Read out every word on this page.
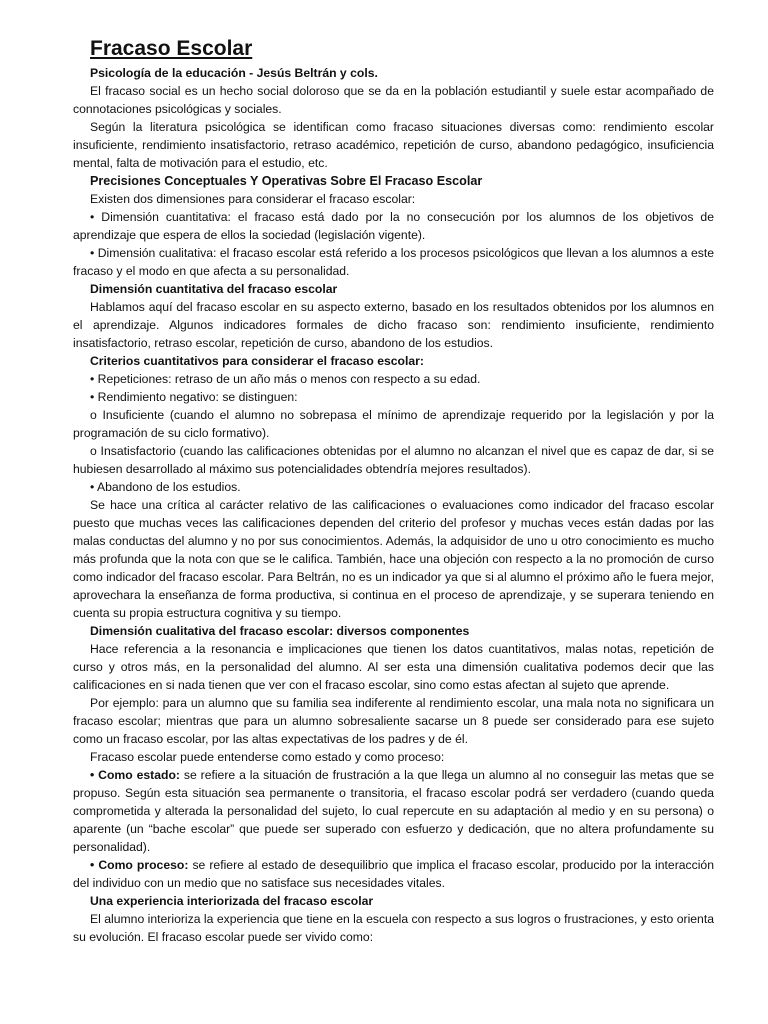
Fracaso Escolar
Psicología de la educación - Jesús Beltrán y cols.

El fracaso social es un hecho social doloroso que se da en la población estudiantil y suele estar acompañado de connotaciones psicológicas y sociales.

Según la literatura psicológica se identifican como fracaso situaciones diversas como: rendimiento escolar insuficiente, rendimiento insatisfactorio, retraso académico, repetición de curso, abandono pedagógico, insuficiencia mental, falta de motivación para el estudio, etc.

Precisiones Conceptuales Y Operativas Sobre El Fracaso Escolar

Existen dos dimensiones para considerar el fracaso escolar:

• Dimensión cuantitativa: el fracaso está dado por la no consecución por los alumnos de los objetivos de aprendizaje que espera de ellos la sociedad (legislación vigente).

• Dimensión cualitativa: el fracaso escolar está referido a los procesos psicológicos que llevan a los alumnos a este fracaso y el modo en que afecta a su personalidad.

Dimensión cuantitativa del fracaso escolar

Hablamos aquí del fracaso escolar en su aspecto externo, basado en los resultados obtenidos por los alumnos en el aprendizaje. Algunos indicadores formales de dicho fracaso son: rendimiento insuficiente, rendimiento insatisfactorio, retraso escolar, repetición de curso, abandono de los estudios.

Criterios cuantitativos para considerar el fracaso escolar:

• Repeticiones: retraso de un año más o menos con respecto a su edad.

• Rendimiento negativo: se distinguen:

o Insuficiente (cuando el alumno no sobrepasa el mínimo de aprendizaje requerido por la legislación y por la programación de su ciclo formativo).

o Insatisfactorio (cuando las calificaciones obtenidas por el alumno no alcanzan el nivel que es capaz de dar, si se hubiesen desarrollado al máximo sus potencialidades obtendría mejores resultados).

• Abandono de los estudios.

Se hace una crítica al carácter relativo de las calificaciones o evaluaciones como indicador del fracaso escolar puesto que muchas veces las calificaciones dependen del criterio del profesor y muchas veces están dadas por las malas conductas del alumno y no por sus conocimientos. Además, la adquisidor de uno u otro conocimiento es mucho más profunda que la nota con que se le califica. También, hace una objeción con respecto a la no promoción de curso como indicador del fracaso escolar. Para Beltrán, no es un indicador ya que si al alumno el próximo año le fuera mejor, aprovechara la enseñanza de forma productiva, si continua en el proceso de aprendizaje, y se superara teniendo en cuenta su propia estructura cognitiva y su tiempo.

Dimensión cualitativa del fracaso escolar: diversos componentes

Hace referencia a la resonancia e implicaciones que tienen los datos cuantitativos, malas notas, repetición de curso y otros más, en la personalidad del alumno. Al ser esta una dimensión cualitativa podemos decir que las calificaciones en si nada tienen que ver con el fracaso escolar, sino como estas afectan al sujeto que aprende.

Por ejemplo: para un alumno que su familia sea indiferente al rendimiento escolar, una mala nota no significara un fracaso escolar; mientras que para un alumno sobresaliente sacarse un 8 puede ser considerado para ese sujeto como un fracaso escolar, por las altas expectativas de los padres y de él.

Fracaso escolar puede entenderse como estado y como proceso:

• Como estado: se refiere a la situación de frustración a la que llega un alumno al no conseguir las metas que se propuso. Según esta situación sea permanente o transitoria, el fracaso escolar podrá ser verdadero (cuando queda comprometida y alterada la personalidad del sujeto, lo cual repercute en su adaptación al medio y en su persona) o aparente (un “bache escolar” que puede ser superado con esfuerzo y dedicación, que no altera profundamente su personalidad).

• Como proceso: se refiere al estado de desequilibrio que implica el fracaso escolar, producido por la interacción del individuo con un medio que no satisface sus necesidades vitales.

Una experiencia interiorizada del fracaso escolar

El alumno interioriza la experiencia que tiene en la escuela con respecto a sus logros o frustraciones, y esto orienta su evolución. El fracaso escolar puede ser vivido como:
